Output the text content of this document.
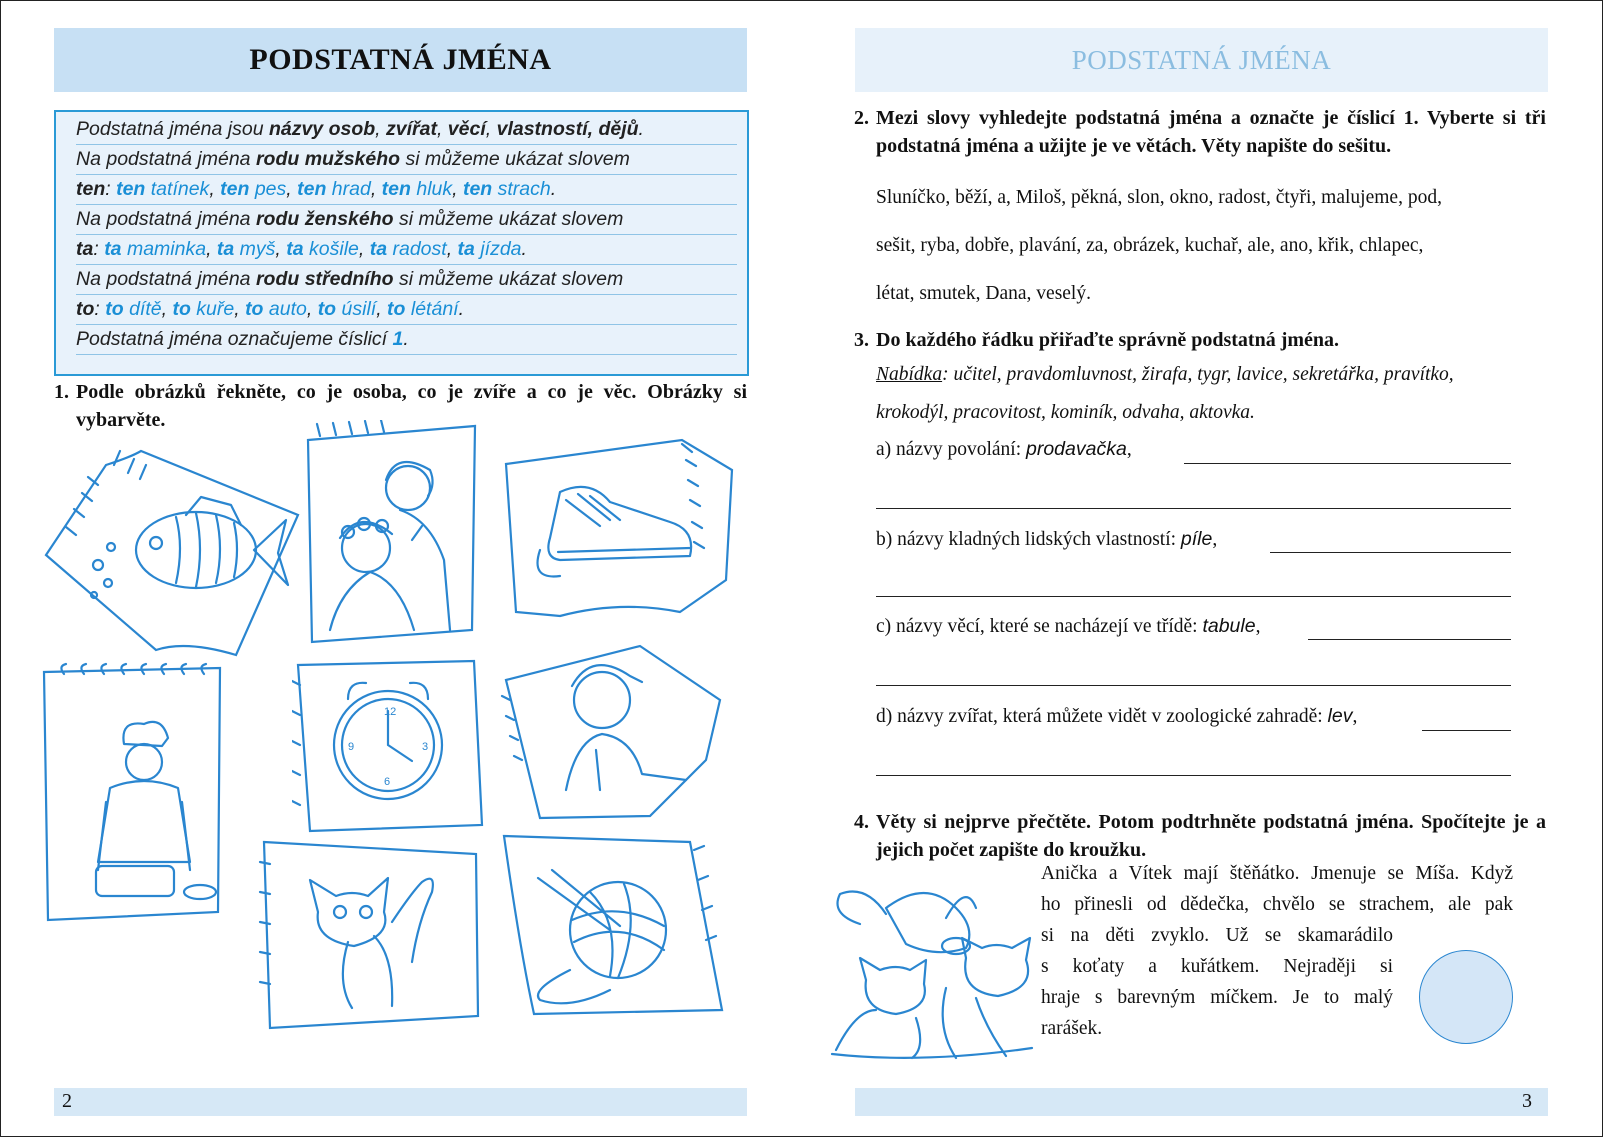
PODSTATNÁ JMÉNA
Podstatná jména jsou názvy osob, zvířat, věcí, vlastností, dějů.
Na podstatná jména rodu mužského si můžeme ukázat slovem
ten: ten tatínek, ten pes, ten hrad, ten hluk, ten strach.
Na podstatná jména rodu ženského si můžeme ukázat slovem
ta: ta maminka, ta myš, ta košile, ta radost, ta jízda.
Na podstatná jména rodu středního si můžeme ukázat slovem
to: to dítě, to kuře, to auto, to úsilí, to létání.
Podstatná jména označujeme číslicí 1.
1. Podle obrázků řekněte, co je osoba, co je zvíře a co je věc. Obrázky si vybarvěte.
12
3
6
9
2
PODSTATNÁ JMÉNA
2. Mezi slovy vyhledejte podstatná jména a označte je číslicí 1. Vyberte si tři podstatná jména a užijte je ve větách. Věty napište do sešitu.
Sluníčko, běží, a, Miloš, pěkná, slon, okno, radost, čtyři, malujeme, pod,
sešit, ryba, dobře, plavání, za, obrázek, kuchař, ale, ano, křik, chlapec,
létat, smutek, Dana, veselý.
3. Do každého řádku přiřaďte správně podstatná jména.
Nabídka: učitel, pravdomluvnost, žirafa, tygr, lavice, sekretářka, pravítko,
krokodýl, pracovitost, kominík, odvaha, aktovka.
a) názvy povolání: prodavačka,
b) názvy kladných lidských vlastností: píle,
c) názvy věcí, které se nacházejí ve třídě: tabule,
d) názvy zvířat, která můžete vidět v zoologické zahradě: lev,
4. Věty si nejprve přečtěte. Potom podtrhněte podstatná jména. Spočítejte je a jejich počet zapište do kroužku.
Anička a Vítek mají štěňátko. Jmenuje se Míša. Když
ho přinesli od dědečka, chvělo se strachem, ale pak
si na děti zvyklo. Už se skamarádilo
s koťaty a kuřátkem. Nejraději si
hraje s barevným míčkem. Je to malý
rarášek.
3
